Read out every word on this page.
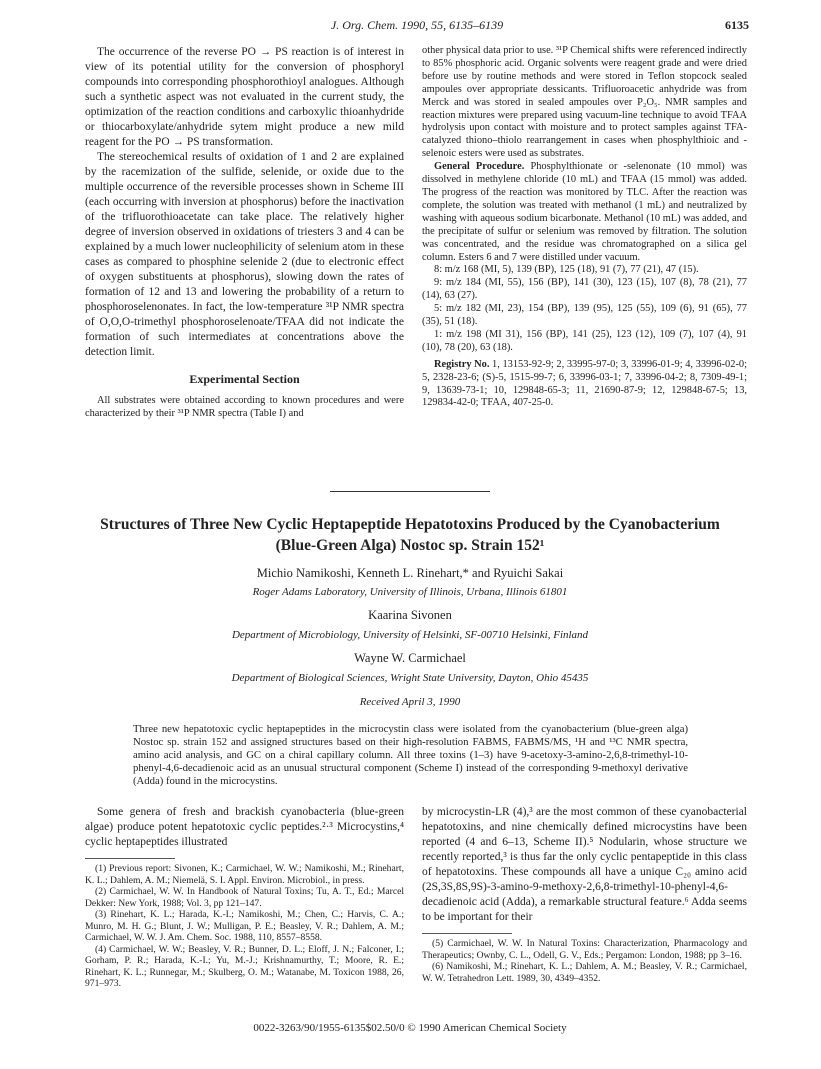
J. Org. Chem. 1990, 55, 6135–6139	6135

The occurrence of the reverse PO → PS reaction is of interest in view of its potential utility for the conversion of phosphoryl compounds into corresponding phosphorothioyl analogues. Although such a synthetic aspect was not evaluated in the current study, the optimization of the reaction conditions and carboxylic thioanhydride or thiocarboxylate/anhydride sytem might produce a new mild reagent for the PO → PS transformation.

The stereochemical results of oxidation of 1 and 2 are explained by the racemization of the sulfide, selenide, or oxide due to the multiple occurrence of the reversible processes shown in Scheme III (each occurring with inversion at phosphorus) before the inactivation of the trifluorothioacetate can take place. The relatively higher degree of inversion observed in oxidations of triesters 3 and 4 can be explained by a much lower nucleophilicity of selenium atom in these cases as compared to phosphine selenide 2 (due to electronic effect of oxygen substituents at phosphorus), slowing down the rates of formation of 12 and 13 and lowering the probability of a return to phosphoroselenonates. In fact, the low-temperature ³¹P NMR spectra of O,O,O-trimethyl phosphoroselenoate/TFAA did not indicate the formation of such intermediates at concentrations above the detection limit.

Experimental Section

All substrates were obtained according to known procedures and were characterized by their ³¹P NMR spectra (Table I) and

other physical data prior to use. ³¹P Chemical shifts were referenced indirectly to 85% phosphoric acid. Organic solvents were reagent grade and were dried before use by routine methods and were stored in Teflon stopcock sealed ampoules over appropriate dessicants. Trifluoroacetic anhydride was from Merck and was stored in sealed ampoules over P₂O₅. NMR samples and reaction mixtures were prepared using vacuum-line technique to avoid TFAA hydrolysis upon contact with moisture and to protect samples against TFA-catalyzed thiono–thiolo rearrangement in cases when phosphylthioic and -selenoic esters were used as substrates.

General Procedure. Phosphylthionate or -selenonate (10 mmol) was dissolved in methylene chloride (10 mL) and TFAA (15 mmol) was added. The progress of the reaction was monitored by TLC. After the reaction was complete, the solution was treated with methanol (1 mL) and neutralized by washing with aqueous sodium bicarbonate. Methanol (10 mL) was added, and the precipitate of sulfur or selenium was removed by filtration. The solution was concentrated, and the residue was chromatographed on a silica gel column. Esters 6 and 7 were distilled under vacuum.

8: m/z 168 (MI, 5), 139 (BP), 125 (18), 91 (7), 77 (21), 47 (15).

9: m/z 184 (MI, 55), 156 (BP), 141 (30), 123 (15), 107 (8), 78 (21), 77 (14), 63 (27).

5: m/z 182 (MI, 23), 154 (BP), 139 (95), 125 (55), 109 (6), 91 (65), 77 (35), 51 (18).

1: m/z 198 (MI 31), 156 (BP), 141 (25), 123 (12), 109 (7), 107 (4), 91 (10), 78 (20), 63 (18).

Registry No. 1, 13153-92-9; 2, 33995-97-0; 3, 33996-01-9; 4, 33996-02-0; 5, 2328-23-6; (S)-5, 1515-99-7; 6, 33996-03-1; 7, 33996-04-2; 8, 7309-49-1; 9, 13639-73-1; 10, 129848-65-3; 11, 21690-87-9; 12, 129848-67-5; 13, 129834-42-0; TFAA, 407-25-0.

Structures of Three New Cyclic Heptapeptide Hepatotoxins Produced by the Cyanobacterium (Blue-Green Alga) Nostoc sp. Strain 152¹
Michio Namikoshi, Kenneth L. Rinehart,* and Ryuichi Sakai
Roger Adams Laboratory, University of Illinois, Urbana, Illinois 61801
Kaarina Sivonen
Department of Microbiology, University of Helsinki, SF-00710 Helsinki, Finland
Wayne W. Carmichael
Department of Biological Sciences, Wright State University, Dayton, Ohio 45435
Received April 3, 1990

Three new hepatotoxic cyclic heptapeptides in the microcystin class were isolated from the cyanobacterium (blue-green alga) Nostoc sp. strain 152 and assigned structures based on their high-resolution FABMS, FABMS/MS, ¹H and ¹³C NMR spectra, amino acid analysis, and GC on a chiral capillary column. All three toxins (1–3) have 9-acetoxy-3-amino-2,6,8-trimethyl-10-phenyl-4,6-decadienoic acid as an unusual structural component (Scheme I) instead of the corresponding 9-methoxyl derivative (Adda) found in the microcystins.

Some genera of fresh and brackish cyanobacteria (blue-green algae) produce potent hepatotoxic cyclic peptides.²·³ Microcystins,⁴ cyclic heptapeptides illustrated

(1) Previous report: Sivonen, K.; Carmichael, W. W.; Namikoshi, M.; Rinehart, K. L.; Dahlem, A. M.; Niemelä, S. I. Appl. Environ. Microbiol., in press.

(2) Carmichael, W. W. In Handbook of Natural Toxins; Tu, A. T., Ed.; Marcel Dekker: New York, 1988; Vol. 3, pp 121–147.

(3) Rinehart, K. L.; Harada, K.-I.; Namikoshi, M.; Chen, C.; Harvis, C. A.; Munro, M. H. G.; Blunt, J. W.; Mulligan, P. E.; Beasley, V. R.; Dahlem, A. M.; Carmichael, W. W. J. Am. Chem. Soc. 1988, 110, 8557–8558.

(4) Carmichael, W. W.; Beasley, V. R.; Bunner, D. L.; Eloff, J. N.; Falconer, I.; Gorham, P. R.; Harada, K.-I.; Yu, M.-J.; Krishnamurthy, T.; Moore, R. E.; Rinehart, K. L.; Runnegar, M.; Skulberg, O. M.; Watanabe, M. Toxicon 1988, 26, 971–973.

by microcystin-LR (4),³ are the most common of these cyanobacterial hepatotoxins, and nine chemically defined microcystins have been reported (4 and 6–13, Scheme II).⁵ Nodularin, whose structure we recently reported,³ is thus far the only cyclic pentapeptide in this class of hepatotoxins. These compounds all have a unique C₂₀ amino acid (2S,3S,8S,9S)-3-amino-9-methoxy-2,6,8-trimethyl-10-phenyl-4,6-decadienoic acid (Adda), a remarkable structural feature.⁶ Adda seems to be important for their

(5) Carmichael, W. W. In Natural Toxins: Characterization, Pharmacology and Therapeutics; Ownby, C. L., Odell, G. V., Eds.; Pergamon: London, 1988; pp 3–16.

(6) Namikoshi, M.; Rinehart, K. L.; Dahlem, A. M.; Beasley, V. R.; Carmichael, W. W. Tetrahedron Lett. 1989, 30, 4349–4352.

0022-3263/90/1955-6135$02.50/0 © 1990 American Chemical Society
